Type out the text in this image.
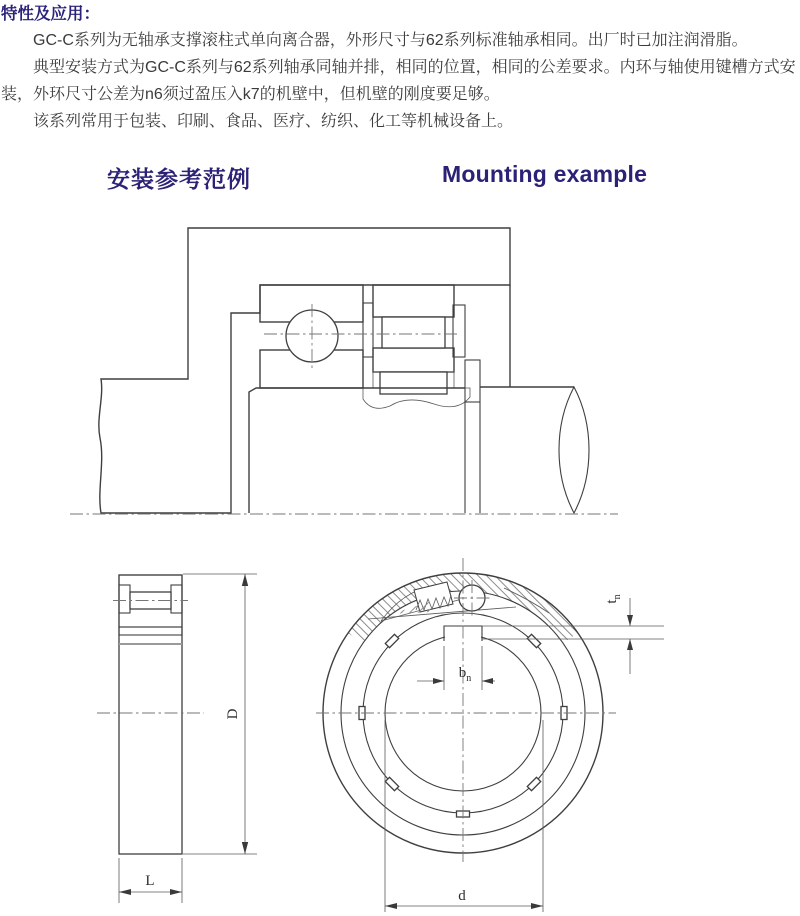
特性及应用：

GC-C系列为无轴承支撑滚柱式单向离合器，外形尺寸与62系列标准轴承相同。出厂时已加注润滑脂。

典型安装方式为GC-C系列与62系列轴承同轴并排，相同的位置，相同的公差要求。内环与轴使用键槽方式安装，外环尺寸公差为n6须过盈压入k7的机壁中，但机壁的刚度要足够。

该系列常用于包装、印刷、食品、医疗、纺织、化工等机械设备上。

安装参考范例	Mounting example
D
L
d
$b_n$
$t_n$
